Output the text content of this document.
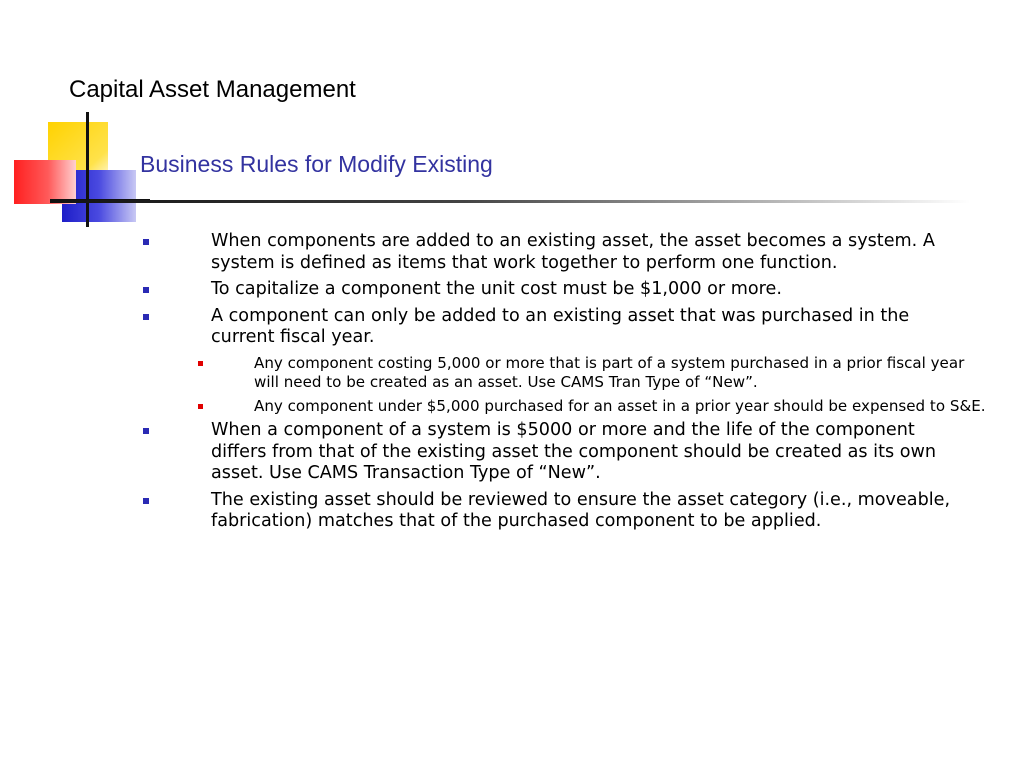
Capital Asset Management
Business Rules for Modify Existing
When components are added to an existing asset, the asset becomes a system. A system is defined as items that work together to perform one function.
To capitalize a component the unit cost must be $1,000 or more.
A component can only be added to an existing asset that was purchased in the current fiscal year.
Any component costing 5,000 or more that is part of a system purchased in a prior fiscal year will need to be created as an asset. Use CAMS Tran Type of “New”.
Any component under $5,000 purchased for an asset in a prior year should be expensed to S&E.
When a component of a system is $5000 or more and the life of the component differs from that of the existing asset the component should be created as its own asset. Use CAMS Transaction Type of “New”.
The existing asset should be reviewed to ensure the asset category (i.e., moveable, fabrication) matches that of the purchased component to be applied.
